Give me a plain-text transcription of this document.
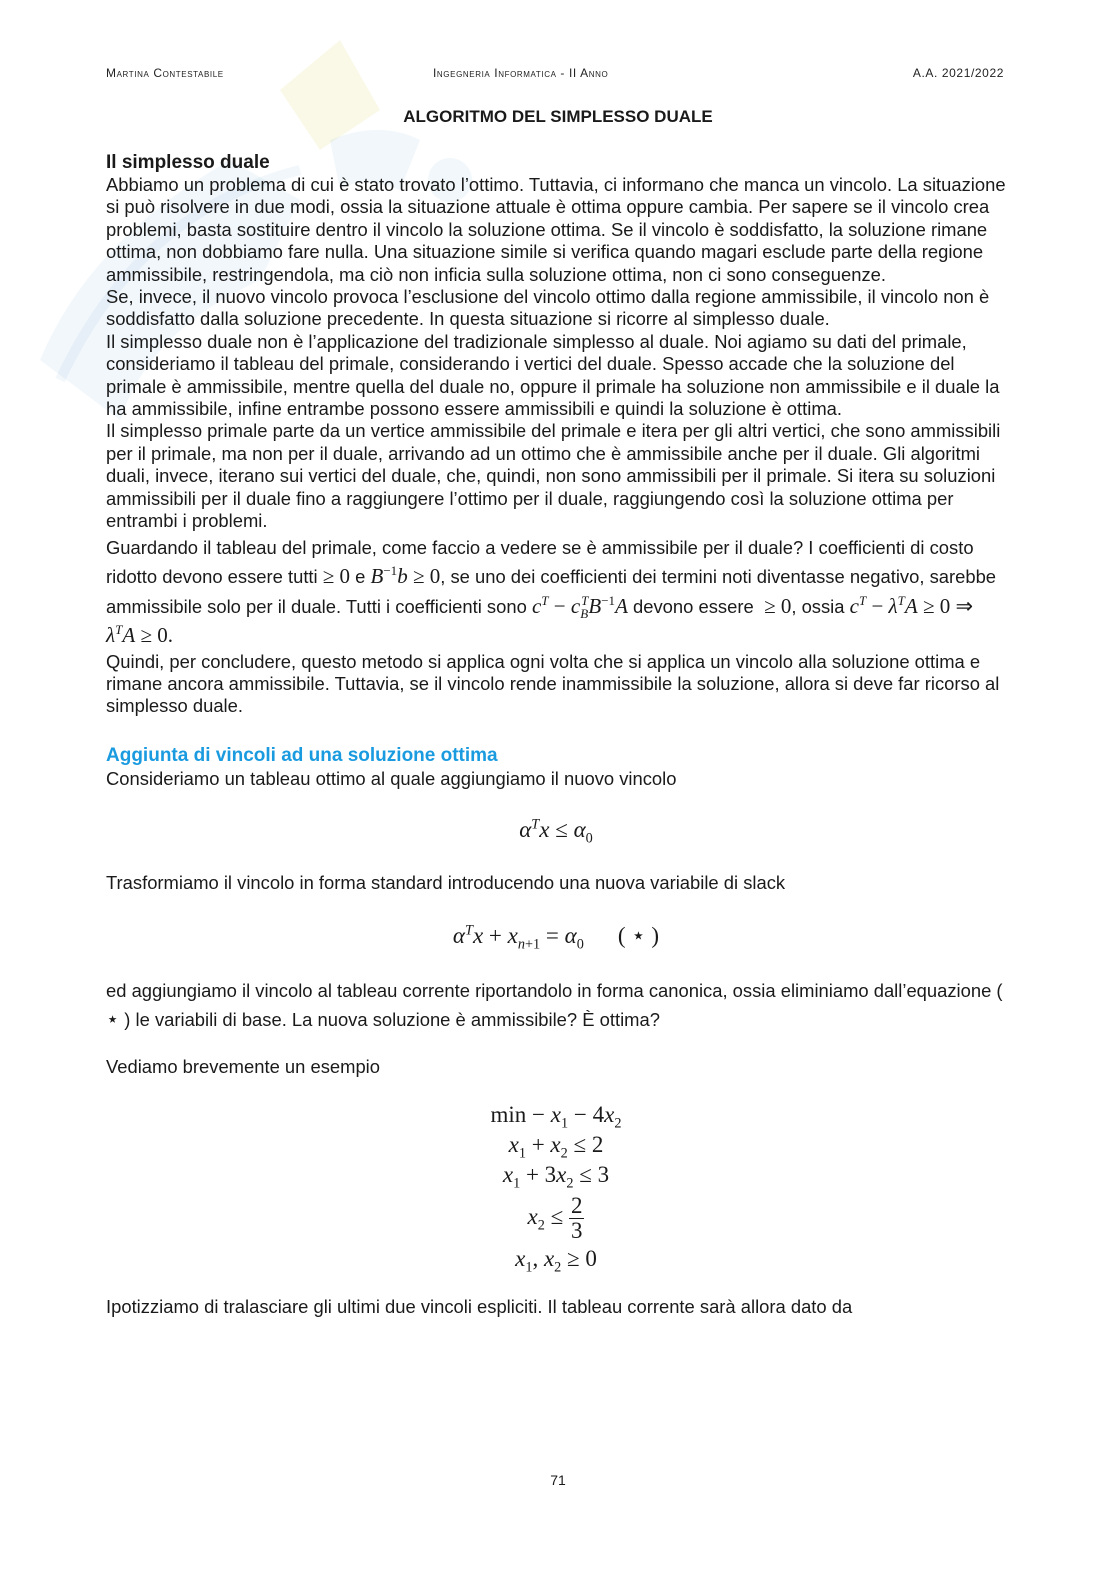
Martina Contestabile	Ingegneria Informatica - II Anno	A.A. 2021/2022
ALGORITMO DEL SIMPLESSO DUALE

Il simplesso duale

Abbiamo un problema di cui è stato trovato l’ottimo. Tuttavia, ci informano che manca un vincolo. La situazione si può risolvere in due modi, ossia la situazione attuale è ottima oppure cambia. Per sapere se il vincolo crea problemi, basta sostituire dentro il vincolo la soluzione ottima. Se il vincolo è soddisfatto, la soluzione rimane ottima, non dobbiamo fare nulla. Una situazione simile si verifica quando magari esclude parte della regione ammissibile, restringendola, ma ciò non inficia sulla soluzione ottima, non ci sono conseguenze.

Se, invece, il nuovo vincolo provoca l’esclusione del vincolo ottimo dalla regione ammissibile, il vincolo non è soddisfatto dalla soluzione precedente. In questa situazione si ricorre al simplesso duale.

Il simplesso duale non è l’applicazione del tradizionale simplesso al duale. Noi agiamo su dati del primale, consideriamo il tableau del primale, considerando i vertici del duale. Spesso accade che la soluzione del primale è ammissibile, mentre quella del duale no, oppure il primale ha soluzione non ammissibile e il duale la ha ammissibile, infine entrambe possono essere ammissibili e quindi la soluzione è ottima.

Il simplesso primale parte da un vertice ammissibile del primale e itera per gli altri vertici, che sono ammissibili per il primale, ma non per il duale, arrivando ad un ottimo che è ammissibile anche per il duale. Gli algoritmi duali, invece, iterano sui vertici del duale, che, quindi, non sono ammissibili per il primale. Si itera su soluzioni ammissibili per il duale fino a raggiungere l’ottimo per il duale, raggiungendo così la soluzione ottima per entrambi i problemi.

Guardando il tableau del primale, come faccio a vedere se è ammissibile per il duale? I coefficienti di costo ridotto devono essere tutti ≥ 0 e $B^{-1}b \ge 0$, se uno dei coefficienti dei termini noti diventasse negativo, sarebbe ammissibile solo per il duale. Tutti i coefficienti sono $c^T - c_B^TB^{-1}A$ devono essere  ≥ 0, ossia $c^T - \lambda^TA \ge 0$ ⇒ $\lambda^TA \ge 0$.

Quindi, per concludere, questo metodo si applica ogni volta che si applica un vincolo alla soluzione ottima e rimane ancora ammissibile. Tuttavia, se il vincolo rende inammissibile la soluzione, allora si deve far ricorso al simplesso duale.

Aggiunta di vincoli ad una soluzione ottima

Consideriamo un tableau ottimo al quale aggiungiamo il nuovo vincolo

$\alpha^Tx \le \alpha_0$

Trasformiamo il vincolo in forma standard introducendo una nuova variabile di slack

$\alpha^Tx + x_{n+1} = \alpha_0$ ( ⋆ )

ed aggiungiamo il vincolo al tableau corrente riportandolo in forma canonica, ossia eliminiamo dall’equazione ( ⋆ ) le variabili di base. La nuova soluzione è ammissibile? È ottima?

Vediamo brevemente un esempio

$\min - x_1 - 4x_2$
$x_1 + x_2 \le 2$
$x_1 + 3x_2 \le 3$
$x_2 \le \frac{2}{3}$
$x_1$, $x_2 \ge 0$

Ipotizziamo di tralasciare gli ultimi due vincoli espliciti. Il tableau corrente sarà allora dato da

71
